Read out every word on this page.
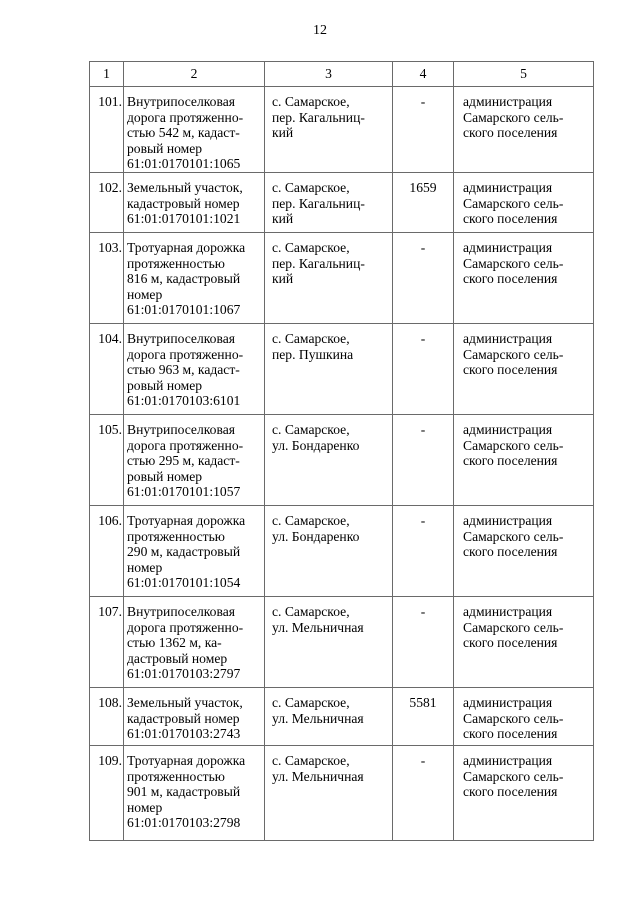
12
1	2	3	4	5
101.	Внутрипоселковая
дорога протяженно-
стью 542 м, кадаст-
ровый номер
61:01:0170101:1065	с. Самарское,
пер. Кагальниц-
кий	-	администрация
Самарского сель-
ского поселения

102.	Земельный участок,
кадастровый номер
61:01:0170101:1021	с. Самарское,
пер. Кагальниц-
кий	1659	администрация
Самарского сель-
ского поселения

103.	Тротуарная дорожка
протяженностью
816 м, кадастровый
номер
61:01:0170101:1067	с. Самарское,
пер. Кагальниц-
кий	-	администрация
Самарского сель-
ского поселения

104.	Внутрипоселковая
дорога протяженно-
стью 963 м, кадаст-
ровый номер
61:01:0170103:6101	с. Самарское,
пер. Пушкина	-	администрация
Самарского сель-
ского поселения

105.	Внутрипоселковая
дорога протяженно-
стью 295 м, кадаст-
ровый номер
61:01:0170101:1057	с. Самарское,
ул. Бондаренко	-	администрация
Самарского сель-
ского поселения

106.	Тротуарная дорожка
протяженностью
290 м, кадастровый
номер
61:01:0170101:1054	с. Самарское,
ул. Бондаренко	-	администрация
Самарского сель-
ского поселения

107.	Внутрипоселковая
дорога протяженно-
стью 1362 м, ка-
дастровый номер
61:01:0170103:2797	с. Самарское,
ул. Мельничная	-	администрация
Самарского сель-
ского поселения

108.	Земельный участок,
кадастровый номер
61:01:0170103:2743	с. Самарское,
ул. Мельничная	5581	администрация
Самарского сель-
ского поселения

109.	Тротуарная дорожка
протяженностью
901 м, кадастровый
номер
61:01:0170103:2798	с. Самарское,
ул. Мельничная	-	администрация
Самарского сель-
ского поселения
